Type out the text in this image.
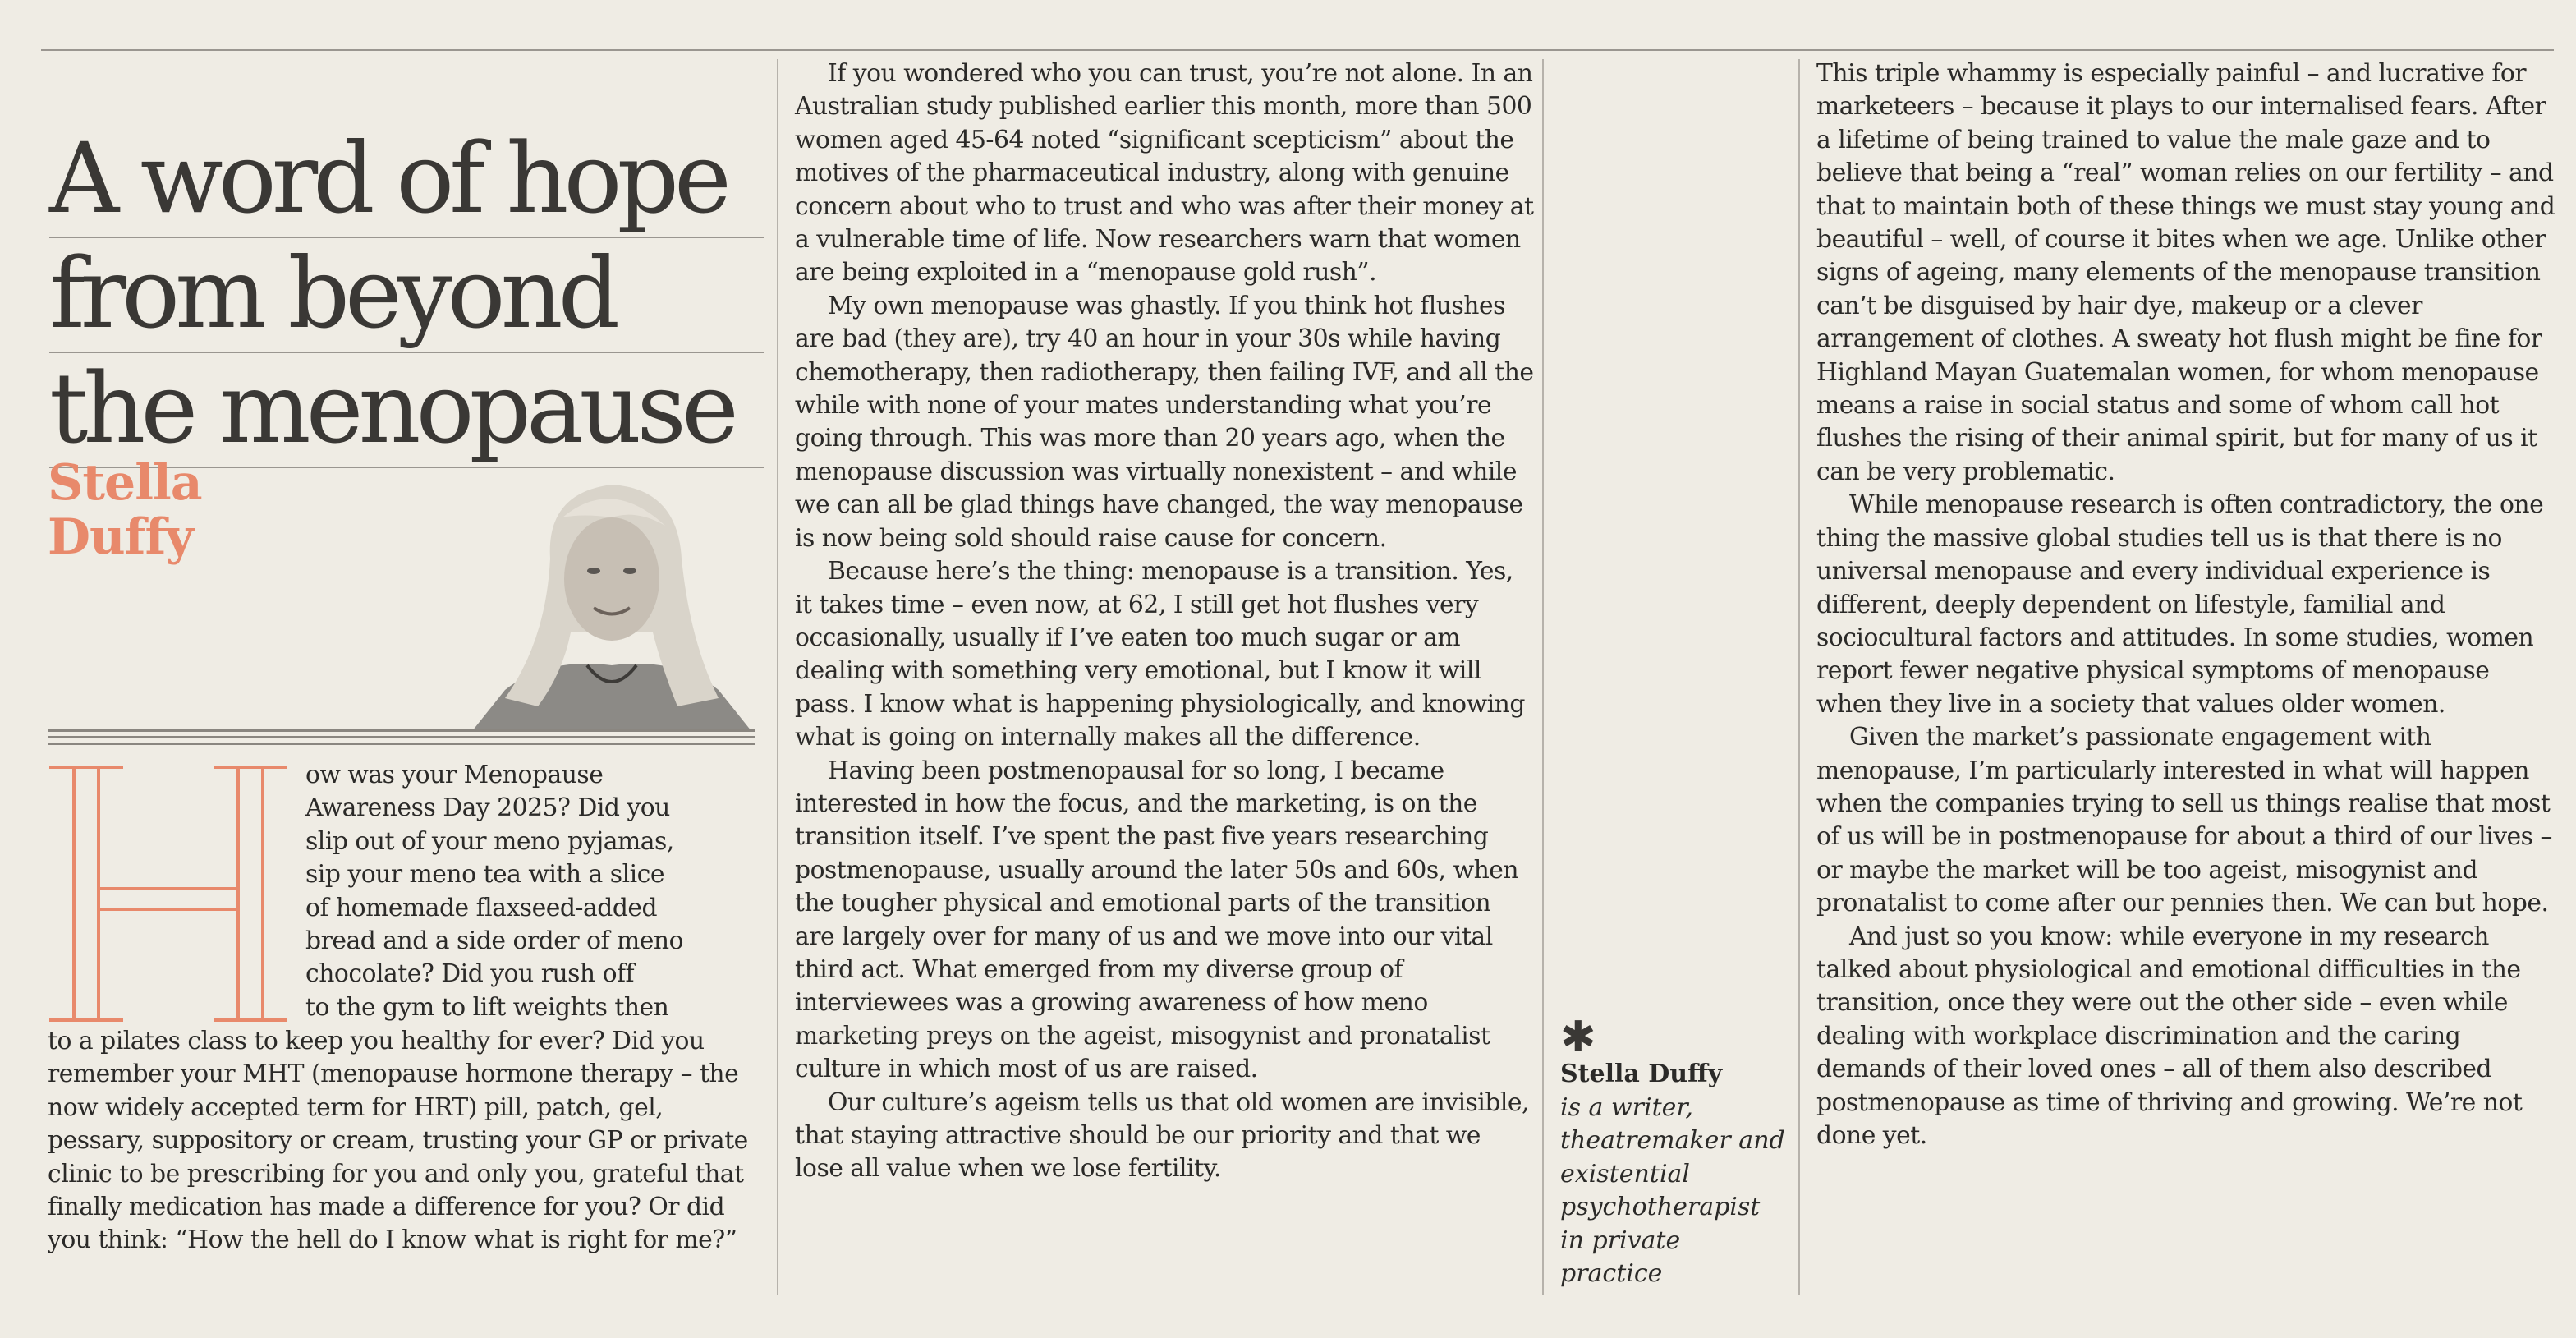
A word of hope
from beyond
the menopause
Stella
Duffy
H	ow was your Menopause
Awareness Day 2025? Did you
slip out of your meno pyjamas,
sip your meno tea with a slice
of homemade flaxseed-added
bread and a side order of meno
chocolate? Did you rush off
to the gym to lift weights then

to a pilates class to keep you healthy for ever? Did you remember your MHT (menopause hormone therapy – the now widely accepted term for HRT) pill, patch, gel, pessary, suppository or cream, trusting your GP or private clinic to be prescribing for you and only you, grateful that finally medication has made a difference for you? Or did you think: “How the hell do I know what is right for me?”

If you wondered who you can trust, you’re not alone. In an Australian study published earlier this month, more than 500 women aged 45-64 noted “significant scepticism” about the motives of the pharmaceutical industry, along with genuine concern about who to trust and who was after their money at a vulnerable time of life. Now researchers warn that women are being exploited in a “menopause gold rush”.

My own menopause was ghastly. If you think hot flushes are bad (they are), try 40 an hour in your 30s while having chemotherapy, then radiotherapy, then failing IVF, and all the while with none of your mates understanding what you’re going through. This was more than 20 years ago, when the menopause discussion was virtually nonexistent – and while we can all be glad things have changed, the way menopause is now being sold should raise cause for concern.

Because here’s the thing: menopause is a transition. Yes, it takes time – even now, at 62, I still get hot flushes very occasionally, usually if I’ve eaten too much sugar or am dealing with something very emotional, but I know it will pass. I know what is happening physiologically, and knowing what is going on internally makes all the difference.

Having been postmenopausal for so long, I became interested in how the focus, and the marketing, is on the transition itself. I’ve spent the past five years researching postmenopause, usually around the later 50s and 60s, when the tougher physical and emotional parts of the transition are largely over for many of us and we move into our vital third act. What emerged from my diverse group of interviewees was a growing awareness of how meno marketing preys on the ageist, misogynist and pronatalist culture in which most of us are raised.

Our culture’s ageism tells us that old women are invisible, that staying attractive should be our priority and that we lose all value when we lose fertility.

✱
Stella Duffy
is a writer, theatremaker and existential psychotherapist in private practice

This triple whammy is especially painful – and lucrative for marketeers – because it plays to our internalised fears. After a lifetime of being trained to value the male gaze and to believe that being a “real” woman relies on our fertility – and that to maintain both of these things we must stay young and beautiful – well, of course it bites when we age. Unlike other signs of ageing, many elements of the menopause transition can’t be disguised by hair dye, makeup or a clever arrangement of clothes. A sweaty hot flush might be fine for Highland Mayan Guatemalan women, for whom menopause means a raise in social status and some of whom call hot flushes the rising of their animal spirit, but for many of us it can be very problematic.

While menopause research is often contradictory, the one thing the massive global studies tell us is that there is no universal menopause and every individual experience is different, deeply dependent on lifestyle, familial and sociocultural factors and attitudes. In some studies, women report fewer negative physical symptoms of menopause when they live in a society that values older women.

Given the market’s passionate engagement with menopause, I’m particularly interested in what will happen when the companies trying to sell us things realise that most of us will be in postmenopause for about a third of our lives – or maybe the market will be too ageist, misogynist and pronatalist to come after our pennies then. We can but hope.

And just so you know: while everyone in my research talked about physiological and emotional difficulties in the transition, once they were out the other side – even while dealing with workplace discrimination and the caring demands of their loved ones – all of them also described postmenopause as time of thriving and growing. We’re not done yet.
